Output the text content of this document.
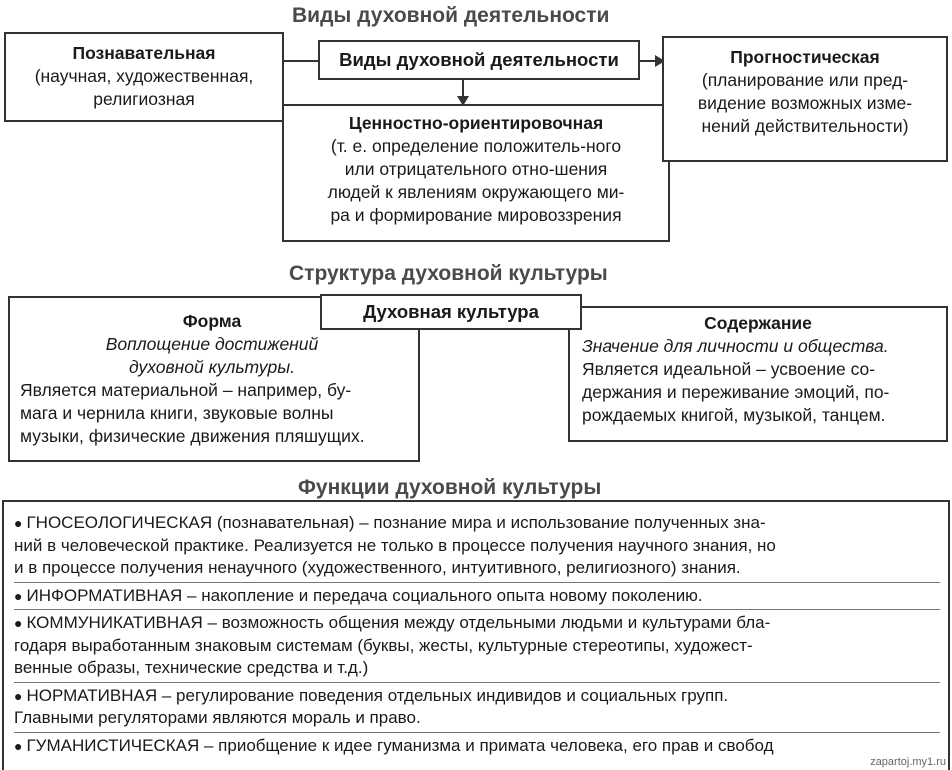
Виды духовной деятельности
Виды духовной деятельности
Познавательная
(научная, художественная,
религиозная
Ценностно-ориентировочная
(т. е. определение положитель-ного
или отрицательного отно-шения
людей к явлениям окружающего ми-
ра и формирование мировоззрения
Прогностическая
(планирование или пред-
видение возможных изме-
нений действительности)
Структура духовной культуры
Форма
Воплощение достижений
духовной культуры.
Является материальной – например, бу-
мага и чернила книги, звуковые волны
музыки, физические движения пляшущих.
Содержание
Значение для личности и общества.
Является идеальной – усвоение со-
держания и переживание эмоций, по-
рождаемых книгой, музыкой, танцем.
Духовная культура
Функции духовной культуры
● ГНОСЕОЛОГИЧЕСКАЯ (познавательная) – познание мира и использование полученных зна-
ний в человеческой практике. Реализуется не только в процессе получения научного знания, но
и в процессе получения ненаучного (художественного, интуитивного, религиозного) знания.
● ИНФОРМАТИВНАЯ – накопление и передача социального опыта новому поколению.
● КОММУНИКАТИВНАЯ – возможность общения между отдельными людьми и культурами бла-
годаря выработанным знаковым системам (буквы, жесты, культурные стереотипы, художест-
венные образы, технические средства и т.д.)
● НОРМАТИВНАЯ – регулирование поведения отдельных индивидов и социальных групп.
Главными регуляторами являются мораль и право.
● ГУМАНИСТИЧЕСКАЯ – приобщение к идее гуманизма и примата человека, его прав и свобод
zapartoj.my1.ru
